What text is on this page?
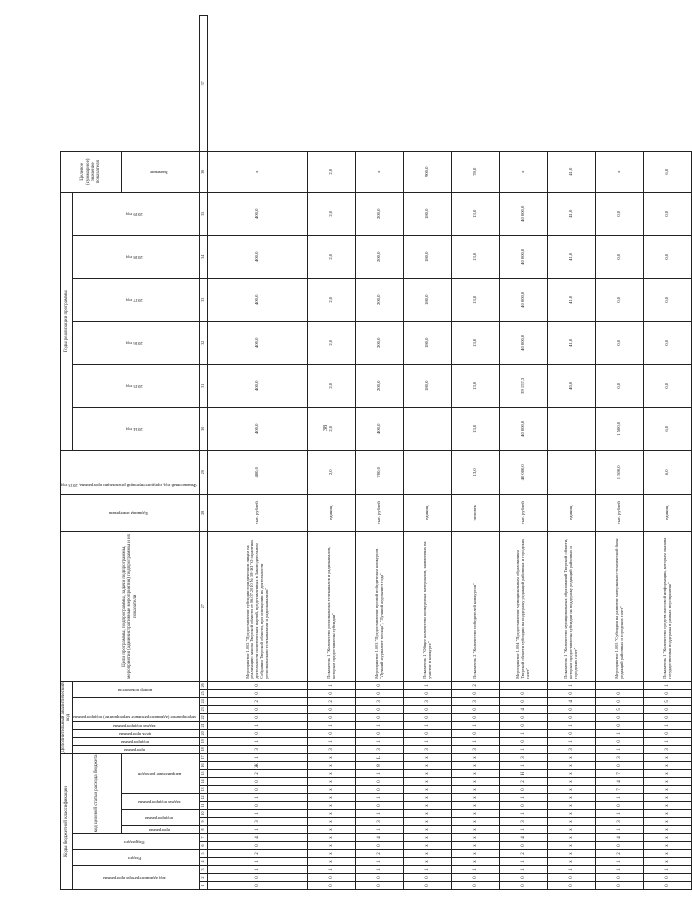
38
Коды бюджетной классификации																	Дополнительный аналитический код									Цели программы, подпрограммы, задачи подпрограммы, мероприятия (административные мероприятия) подпрограммы и их показатели	Единица измерения	Финансовый год, предшествующий реализации программы, 2013 год	Годы реализации программы						Целевое (суммарное) значение показателя	
код администратора программы			Раздел		Подраздел		код целевой статьи расхода бюджета										программа	подпрограмма	цель программы	задача подпрограммы	мероприятие (административное мероприятие) подпрограммы			номер показателя					2014 год	2015 год	2016 год	2017 год	2018 год	2019 год		
							программа	подпрограмма		задача подпрограммы		направление расходов																							Значение	
1	2	3	4	5	6	7	8	9	10	11	12	13	14	15	16	17	18	19	20	21	22	23	24	25	26	27	28	29	30	31	32	33	34	35	36	37
0	0	1	1	2	0	4	1	3	1	0	1	0	0	2	Ж	1	3	1	0	1	0	0	2	0	0	Мероприятие 1.002 "Предоставление субсидии юридическим лицам на реализацию закона Тверской области от 06.07.2010 № 58-ЗО "О гарантиях деятельности политических партий, представленных в Законодательном Собрании Тверской области, при освещении их деятельности региональными телеканалами и радиоканалами"	тыс. рублей	400,0	400,0	400,0	400,0	400,0	400,0	400,0	х	
0	0	1	х	х	х	х	х	х	х	х	х	х	х	х	х	х	3	1	0	1	0	0	2	0	1	Показатель 1 "Количество региональных телеканалов и радиоканалов, которым предоставлены субсидии"	единиц	2,0	2,0	2,0	2,0	2,0	2,0	2,0	2,0	
0	0	1	1	2	0	4	1	3	1	0	1	0	0	1	8	L	3	1	0	1	0	0	3	0	0	Мероприятие 1.003 "Предоставление премий победителям конкурсов "Лучший журналист месяца", "Лучший журналист года"	тыс. рублей	700,0	400,0	200,0	200,0	200,0	200,0	200,0	х	
0	0	1	х	х	х	х	х	х	х	х	х	х	х	х	х	х	3	1	0	1	0	0	3	0	1	Показатель 1 "Общее количество конкурсных материалов, заявленных на участие в конкурсе"	единиц			180,0	180,0	180,0	180,0	180,0	900,0	
0	0	1	х	х	х	х	х	х	х	х	х	х	х	х	х	х	3	1	0	1	0	0	3	0	2	Показатель 2 "Количество победителей конкурсов"	человек	13,0	13,0	13,0	13,0	13,0	13,0	13,0	78,0	
0	0	1	1	2	0	4	1	3	1	0	1	0	2	Н	1	3	1	0	1	0	0	4	0	0		Мероприятие 1.004 "Предоставление муниципальным образованиям Тверской области субсидии на поддержку редакций районных и городских газет"	тыс. рублей	40 000,0	40 000,0	39 157,3	40 000,0	40 000,0	40 000,0	40 000,0	х	
0	0	1	х	х	х	х	х	х	х	х	х	х	х	х	х	х	3	1	0	1	0	0	4	0	1	Показатель 1 "Количество муниципальных образований Тверской области, которым предоставлены субсидии на поддержку редакций районных и городских газет"	единиц			40,0	41,0	41,0	41,0	41,0	41,0	
0	0	1	1	2	0	4	1	3	1	0	1	7	4	7	0	3	1	0	1	0	0	5	0	0		Мероприятие 1.005 "Субсидии на развитие материально-технической базы редакций районных и городских газет"	тыс. рублей	1 500,0	1 500,0	0,0	0,0	0,0	0,0	0,0	х	
0	0	1	х	х	х	х	х	х	х	х	х	х	х	х	х	х	3	1	0	1	0	0	5	0	1	Показатель 1 "Количество средств массовой информации, которым оказана государственная поддержка в рамках мероприятия"	единиц	6,0	6,0	0,0	0,0	0,0	0,0	0,0	6,0	
